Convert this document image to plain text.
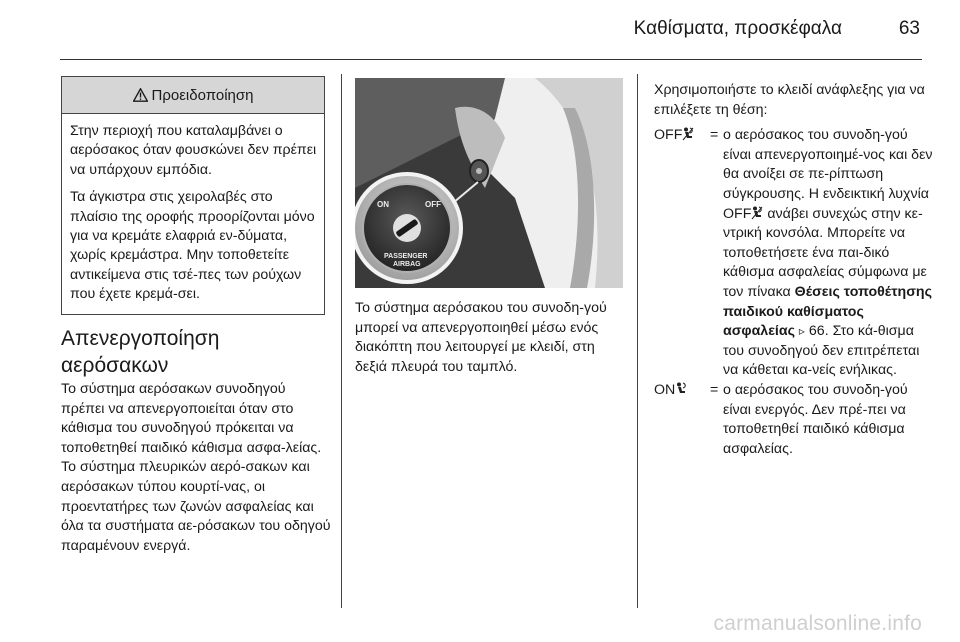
Καθίσματα, προσκέφαλα	63
Προειδοποίηση

Στην περιοχή που καταλαμβάνει ο αερόσακος όταν φουσκώνει δεν πρέπει να υπάρχουν εμπόδια.

Τα άγκιστρα στις χειρολαβές στο πλαίσιο της οροφής προορίζονται μόνο για να κρεμάτε ελαφριά εν-δύματα, χωρίς κρεμάστρα. Μην τοποθετείτε αντικείμενα στις τσέ-πες των ρούχων που έχετε κρεμά-σει.

Απενεργοποίηση αερόσακων
Το σύστημα αερόσακων συνοδηγού πρέπει να απενεργοποιείται όταν στο κάθισμα του συνοδηγού πρόκειται να τοποθετηθεί παιδικό κάθισμα ασφα-λείας. Το σύστημα πλευρικών αερό-σακων και αερόσακων τύπου κουρτί-νας, οι προεντατήρες των ζωνών ασφαλείας και όλα τα συστήματα αε-ρόσακων του οδηγού παραμένουν ενεργά.
ON	OFF
PASSENGER
AIRBAG
Το σύστημα αερόσακου του συνοδη-γού μπορεί να απενεργοποιηθεί μέσω ενός διακόπτη που λειτουργεί με κλειδί, στη δεξιά πλευρά του ταμπλό.

Χρησιμοποιήστε το κλειδί ανάφλεξης για να επιλέξετε τη θέση:

OFF	= ο αερόσακος του συνοδη-γού είναι απενεργοποιημέ-νος και δεν θα ανοίξει σε πε-ρίπτωση σύγκρουσης. Η ενδεικτική λυχνία OFF ανάβει συνεχώς στην κε-ντρική κονσόλα. Μπορείτε να τοποθετήσετε ένα παι-δικό κάθισμα ασφαλείας σύμφωνα με τον πίνακα Θέσεις τοποθέτησης παιδικού καθίσματος ασφαλείας ▹ 66. Στο κά-θισμα του συνοδηγού δεν επιτρέπεται να κάθεται κα-νείς ενήλικας.
ON	= ο αερόσακος του συνοδη-γού είναι ενεργός. Δεν πρέ-πει να τοποθετηθεί παιδικό κάθισμα ασφαλείας.
carmanualsonline.info
